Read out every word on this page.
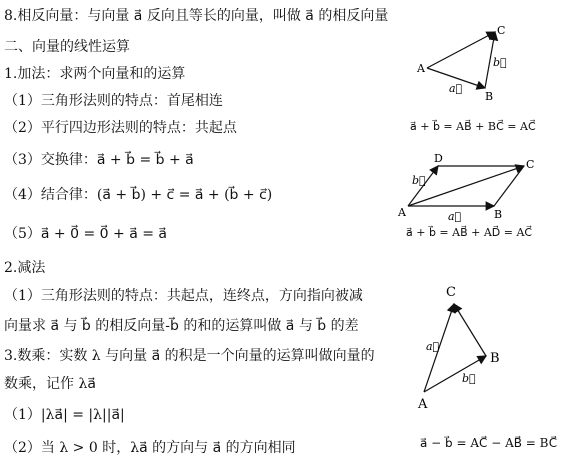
8.相反向量：与向量 a⃗ 反向且等长的向量，叫做 a⃗ 的相反向量
二、向量的线性运算
1.加法：求两个向量和的运算
（1）三角形法则的特点：首尾相连
（2）平行四边形法则的特点：共起点
（3）交换律：a⃗ + b⃗ = b⃗ + a⃗
（4）结合律：(a⃗ + b⃗) + c⃗ = a⃗ + (b⃗ + c⃗)
（5）a⃗ + 0⃗ = 0⃗ + a⃗ = a⃗
2.减法
（1）三角形法则的特点：共起点，连终点，方向指向被减
向量求 a⃗ 与 b⃗ 的相反向量-b⃗ 的和的运算叫做 a⃗ 与 b⃗ 的差
3.数乘：实数 λ 与向量 a⃗ 的积是一个向量的运算叫做向量的
数乘，记作 λa⃗
（1）|λa⃗| = |λ||a⃗|
（2）当 λ > 0 时，λa⃗ 的方向与 a⃗ 的方向相同
A
B
C
a⃗
b⃗
a⃗ + b⃗ = AB⃗ + BC⃗ = AC⃗
A	B
C
D
a⃗
b⃗
a⃗ + b⃗ = AB⃗ + AD⃗ = AC⃗
C
B
A
a⃗
b⃗
a⃗ − b⃗ = AC⃗ − AB⃗ = BC⃗
